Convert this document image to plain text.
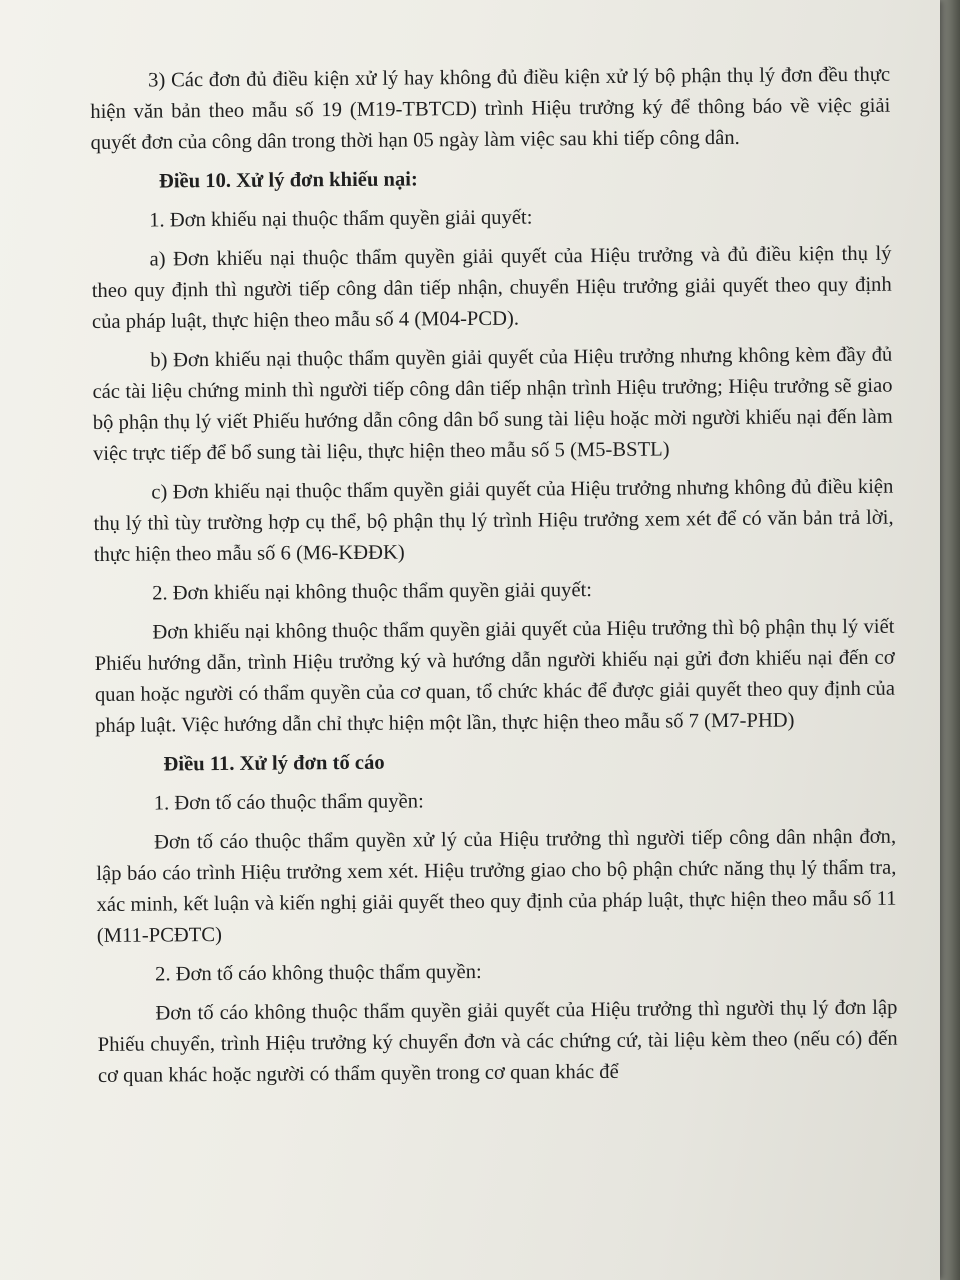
3) Các đơn đủ điều kiện xử lý hay không đủ điều kiện xử lý bộ phận thụ lý đơn đều thực hiện văn bản theo mẫu số 19 (M19-TBTCD) trình Hiệu trưởng ký để thông báo về việc giải quyết đơn của công dân trong thời hạn 05 ngày làm việc sau khi tiếp công dân.

Điều 10. Xử lý đơn khiếu nại:

1. Đơn khiếu nại thuộc thẩm quyền giải quyết:

a) Đơn khiếu nại thuộc thẩm quyền giải quyết của Hiệu trưởng và đủ điều kiện thụ lý theo quy định thì người tiếp công dân tiếp nhận, chuyển Hiệu trưởng giải quyết theo quy định của pháp luật, thực hiện theo mẫu số 4 (M04-PCD).

b) Đơn khiếu nại thuộc thẩm quyền giải quyết của Hiệu trưởng nhưng không kèm đầy đủ các tài liệu chứng minh thì người tiếp công dân tiếp nhận trình Hiệu trưởng; Hiệu trưởng sẽ giao bộ phận thụ lý viết Phiếu hướng dẫn công dân bổ sung tài liệu hoặc mời người khiếu nại đến làm việc trực tiếp để bổ sung tài liệu, thực hiện theo mẫu số 5 (M5-BSTL)

c) Đơn khiếu nại thuộc thẩm quyền giải quyết của Hiệu trưởng nhưng không đủ điều kiện thụ lý thì tùy trường hợp cụ thể, bộ phận thụ lý trình Hiệu trưởng xem xét để có văn bản trả lời, thực hiện theo mẫu số 6 (M6-KĐĐK)

2. Đơn khiếu nại không thuộc thẩm quyền giải quyết:

Đơn khiếu nại không thuộc thẩm quyền giải quyết của Hiệu trưởng thì bộ phận thụ lý viết Phiếu hướng dẫn, trình Hiệu trưởng ký và hướng dẫn người khiếu nại gửi đơn khiếu nại đến cơ quan hoặc người có thẩm quyền của cơ quan, tổ chức khác để được giải quyết theo quy định của pháp luật. Việc hướng dẫn chỉ thực hiện một lần, thực hiện theo mẫu số 7 (M7-PHD)

Điều 11. Xử lý đơn tố cáo

1. Đơn tố cáo thuộc thẩm quyền:

Đơn tố cáo thuộc thẩm quyền xử lý của Hiệu trưởng thì người tiếp công dân nhận đơn, lập báo cáo trình Hiệu trưởng xem xét. Hiệu trưởng giao cho bộ phận chức năng thụ lý thẩm tra, xác minh, kết luận và kiến nghị giải quyết theo quy định của pháp luật, thực hiện theo mẫu số 11 (M11-PCĐTC)

2. Đơn tố cáo không thuộc thẩm quyền:

Đơn tố cáo không thuộc thẩm quyền giải quyết của Hiệu trưởng thì người thụ lý đơn lập Phiếu chuyển, trình Hiệu trưởng ký chuyển đơn và các chứng cứ, tài liệu kèm theo (nếu có) đến cơ quan khác hoặc người có thẩm quyền trong cơ quan khác để
